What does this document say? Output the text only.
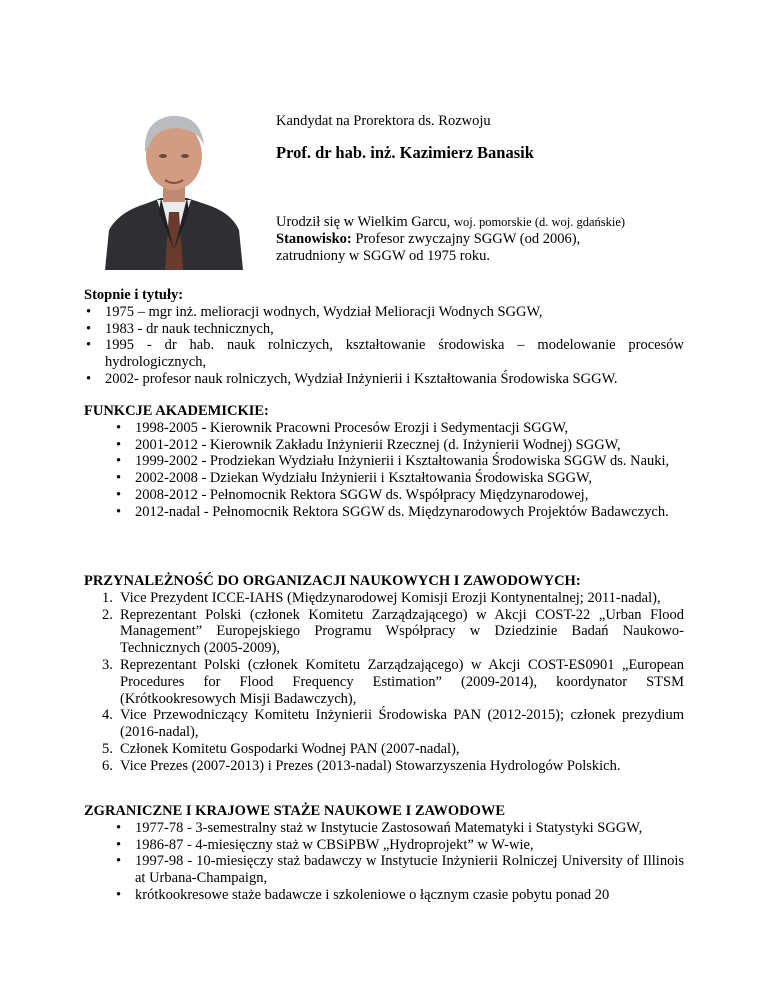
Kandydat na Prorektora ds. Rozwoju
Prof. dr hab. inż. Kazimierz Banasik
Urodził się w Wielkim Garcu, woj. pomorskie (d. woj. gdańskie)
Stanowisko: Profesor zwyczajny SGGW (od 2006),
zatrudniony w SGGW od 1975 roku.
Stopnie i tytuły:
• 1975 – mgr inż. melioracji wodnych, Wydział Melioracji Wodnych SGGW,
• 1983 - dr nauk technicznych,
• 1995 - dr hab. nauk rolniczych, kształtowanie środowiska – modelowanie procesów hydrologicznych,
• 2002- profesor nauk rolniczych, Wydział Inżynierii i Kształtowania Środowiska SGGW.
FUNKCJE AKADEMICKIE:
• 1998-2005 - Kierownik Pracowni Procesów Erozji i Sedymentacji SGGW,
• 2001-2012 - Kierownik Zakładu Inżynierii Rzecznej (d. Inżynierii Wodnej) SGGW,
• 1999-2002 - Prodziekan Wydziału Inżynierii i Kształtowania Środowiska SGGW ds. Nauki,
• 2002-2008 - Dziekan Wydziału Inżynierii i Kształtowania Środowiska SGGW,
• 2008-2012 - Pełnomocnik Rektora SGGW ds. Współpracy Międzynarodowej,
• 2012-nadal - Pełnomocnik Rektora SGGW ds. Międzynarodowych Projektów Badawczych.
PRZYNALEŻNOŚĆ DO ORGANIZACJI NAUKOWYCH I ZAWODOWYCH:
1. Vice Prezydent ICCE-IAHS (Międzynarodowej Komisji Erozji Kontynentalnej; 2011-nadal),
2. Reprezentant Polski (członek Komitetu Zarządzającego) w Akcji COST-22 „Urban Flood Management” Europejskiego Programu Współpracy w Dziedzinie Badań Naukowo-Technicznych (2005-2009),
3. Reprezentant Polski (członek Komitetu Zarządzającego) w Akcji COST-ES0901 „European Procedures for Flood Frequency Estimation” (2009-2014), koordynator STSM (Krótkookresowych Misji Badawczych),
4. Vice Przewodniczący Komitetu Inżynierii Środowiska PAN (2012-2015); członek prezydium (2016-nadal),
5. Członek Komitetu Gospodarki Wodnej PAN (2007-nadal),
6. Vice Prezes (2007-2013) i Prezes (2013-nadal) Stowarzyszenia Hydrologów Polskich.
ZGRANICZNE I KRAJOWE STAŻE NAUKOWE I ZAWODOWE
• 1977-78 - 3-semestralny staż w Instytucie Zastosowań Matematyki i Statystyki SGGW,
• 1986-87 - 4-miesięczny staż w CBSiPBW „Hydroprojekt” w W-wie,
• 1997-98 - 10-miesięczy staż badawczy w Instytucie Inżynierii Rolniczej University of Illinois at Urbana-Champaign,
• krótkookresowe staże badawcze i szkoleniowe o łącznym czasie pobytu ponad 20
